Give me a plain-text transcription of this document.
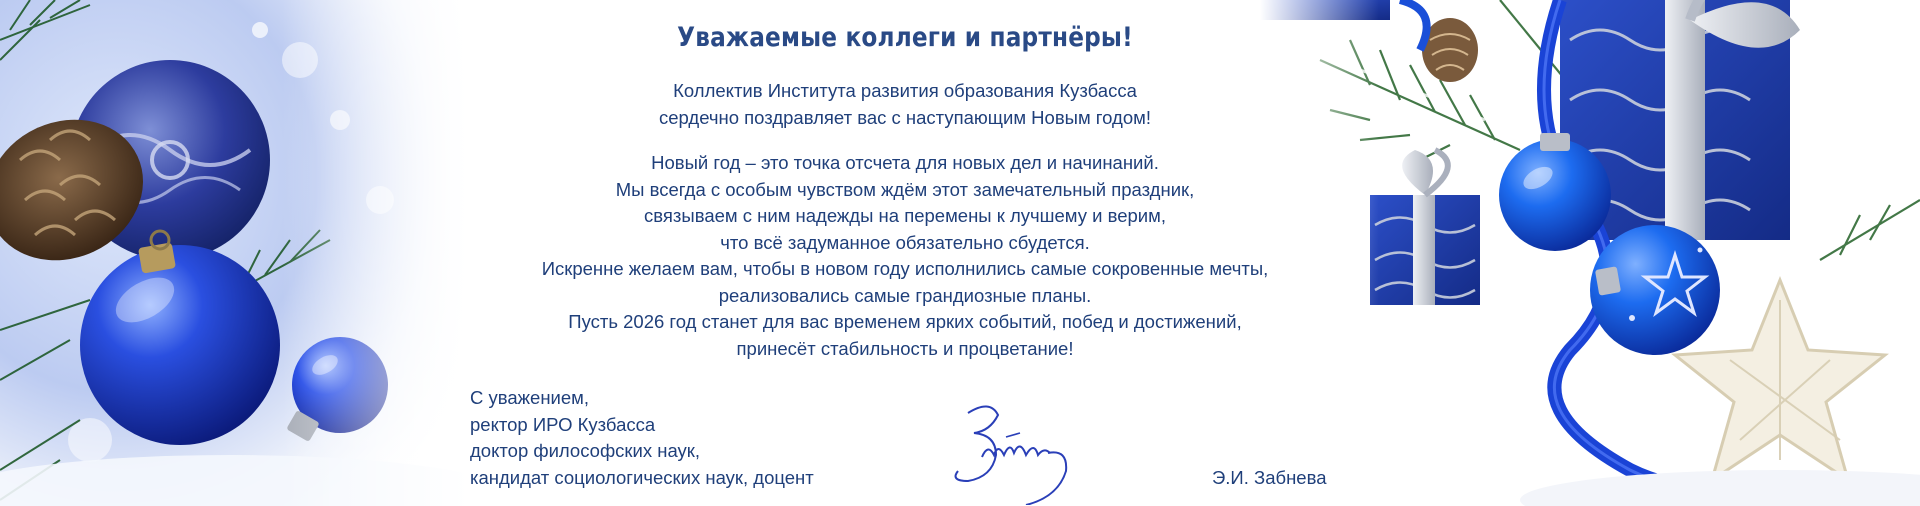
Уважаемые коллеги и партнёры!
Коллектив Института развития образования Кузбасса
сердечно поздравляет вас с наступающим Новым годом!
Новый год – это точка отсчета для новых дел и начинаний.
Мы всегда с особым чувством ждём этот замечательный праздник,
связываем с ним надежды на перемены к лучшему и верим,
что всё задуманное обязательно сбудется.
Искренне желаем вам, чтобы в новом году исполнились самые сокровенные мечты,
реализовались самые грандиозные планы.
Пусть 2026 год станет для вас временем ярких событий, побед и достижений,
принесёт стабильность и процветание!
С уважением,
ректор ИРО Кузбасса
доктор философских наук,
кандидат социологических наук, доцент	Э.И. Забнева
